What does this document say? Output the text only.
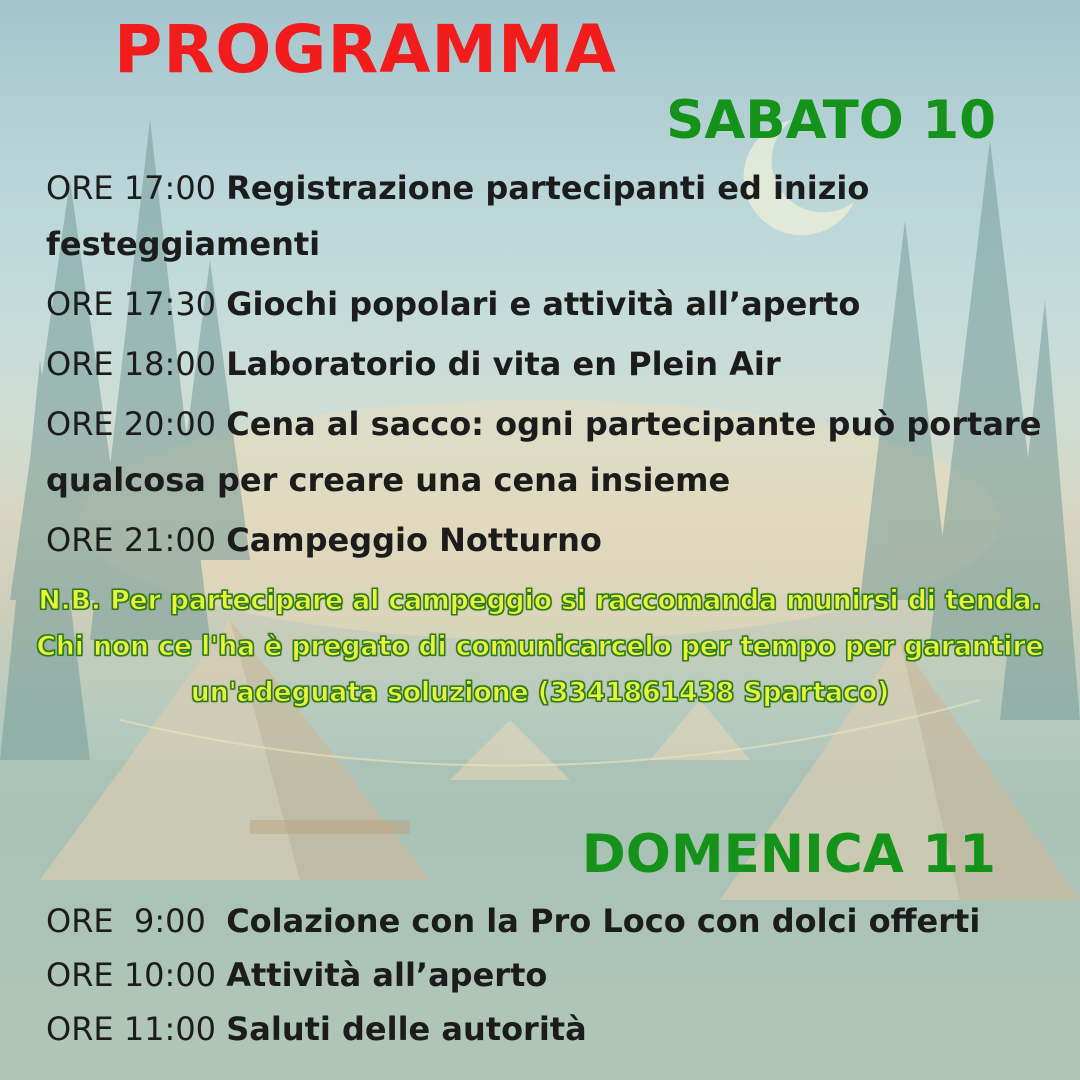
PROGRAMMA
SABATO 10
ORE 17:00 Registrazione partecipanti ed inizio festeggiamenti
ORE 17:30 Giochi popolari e attività all’aperto
ORE 18:00 Laboratorio di vita en Plein Air
ORE 20:00 Cena al sacco: ogni partecipante può portare qualcosa per creare una cena insieme
ORE 21:00 Campeggio Notturno

N.B. Per partecipare al campeggio si raccomanda munirsi di tenda. Chi non ce l'ha è pregato di comunicarcelo per tempo per garantire un'adeguata soluzione (3341861438 Spartaco)

DOMENICA 11
ORE  9:00  Colazione con la Pro Loco con dolci offerti
ORE 10:00 Attività all’aperto
ORE 11:00 Saluti delle autorità
